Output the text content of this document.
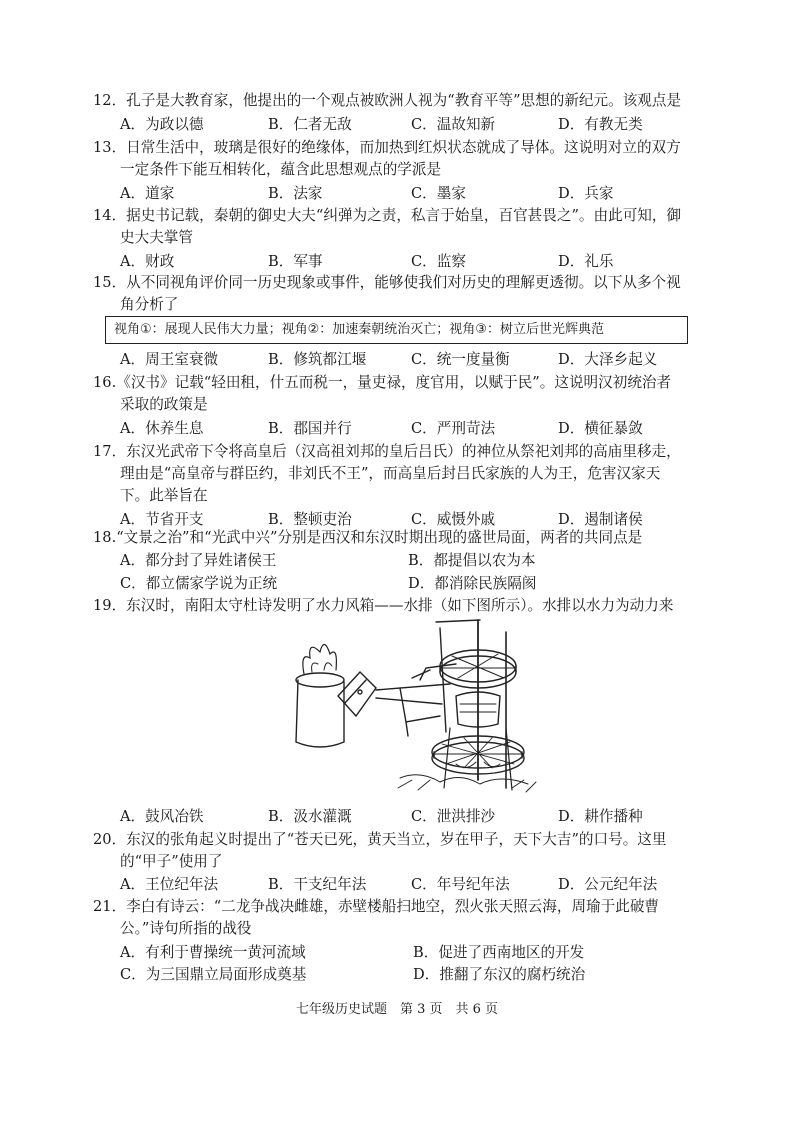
12．孔子是大教育家，他提出的一个观点被欧洲人视为“教育平等”思想的新纪元。该观点是
A．为政以德	B．仁者无敌	C．温故知新	D．有教无类
13．日常生活中，玻璃是很好的绝缘体，而加热到红炽状态就成了导体。这说明对立的双方
一定条件下能互相转化，蕴含此思想观点的学派是
A．道家	B．法家	C．墨家	D．兵家
14．据史书记载，秦朝的御史大夫“纠弹为之责，私言于始皇，百官甚畏之”。由此可知，御
史大夫掌管
A．财政	B．军事	C．监察	D．礼乐
15．从不同视角评价同一历史现象或事件，能够使我们对历史的理解更透彻。以下从多个视
角分析了
视角①：展现人民伟大力量；视角②：加速秦朝统治灭亡；视角③：树立后世光辉典范
A．周王室衰微	B．修筑都江堰	C．统一度量衡	D．大泽乡起义
16.《汉书》记载“轻田租，什五而税一，量吏禄，度官用，以赋于民”。这说明汉初统治者
采取的政策是
A．休养生息	B．郡国并行	C．严刑苛法	D．横征暴敛
17．东汉光武帝下令将高皇后（汉高祖刘邦的皇后吕氏）的神位从祭祀刘邦的高庙里移走，
理由是“高皇帝与群臣约，非刘氏不王”，而高皇后封吕氏家族的人为王，危害汉家天
下。此举旨在
A．节省开支	B．整顿吏治	C．威慑外戚	D．遏制诸侯
18.“文景之治”和“光武中兴”分别是西汉和东汉时期出现的盛世局面，两者的共同点是
A．都分封了异姓诸侯王	B．都提倡以农为本
C．都立儒家学说为正统	D．都消除民族隔阂
19．东汉时，南阳太守杜诗发明了水力风箱——水排（如下图所示）。水排以水力为动力来
A．鼓风冶铁	B．汲水灌溉	C．泄洪排沙	D．耕作播种
20．东汉的张角起义时提出了“苍天已死，黄天当立，岁在甲子，天下大吉”的口号。这里
的“甲子”使用了
A．王位纪年法	B．干支纪年法	C．年号纪年法	D．公元纪年法
21．李白有诗云：“二龙争战决雌雄，赤壁楼船扫地空，烈火张天照云海，周瑜于此破曹
公。”诗句所指的战役
A．有利于曹操统一黄河流域	B．促进了西南地区的开发
C．为三国鼎立局面形成奠基	D．推翻了东汉的腐朽统治
七年级历史试题　第 3 页　共 6 页
